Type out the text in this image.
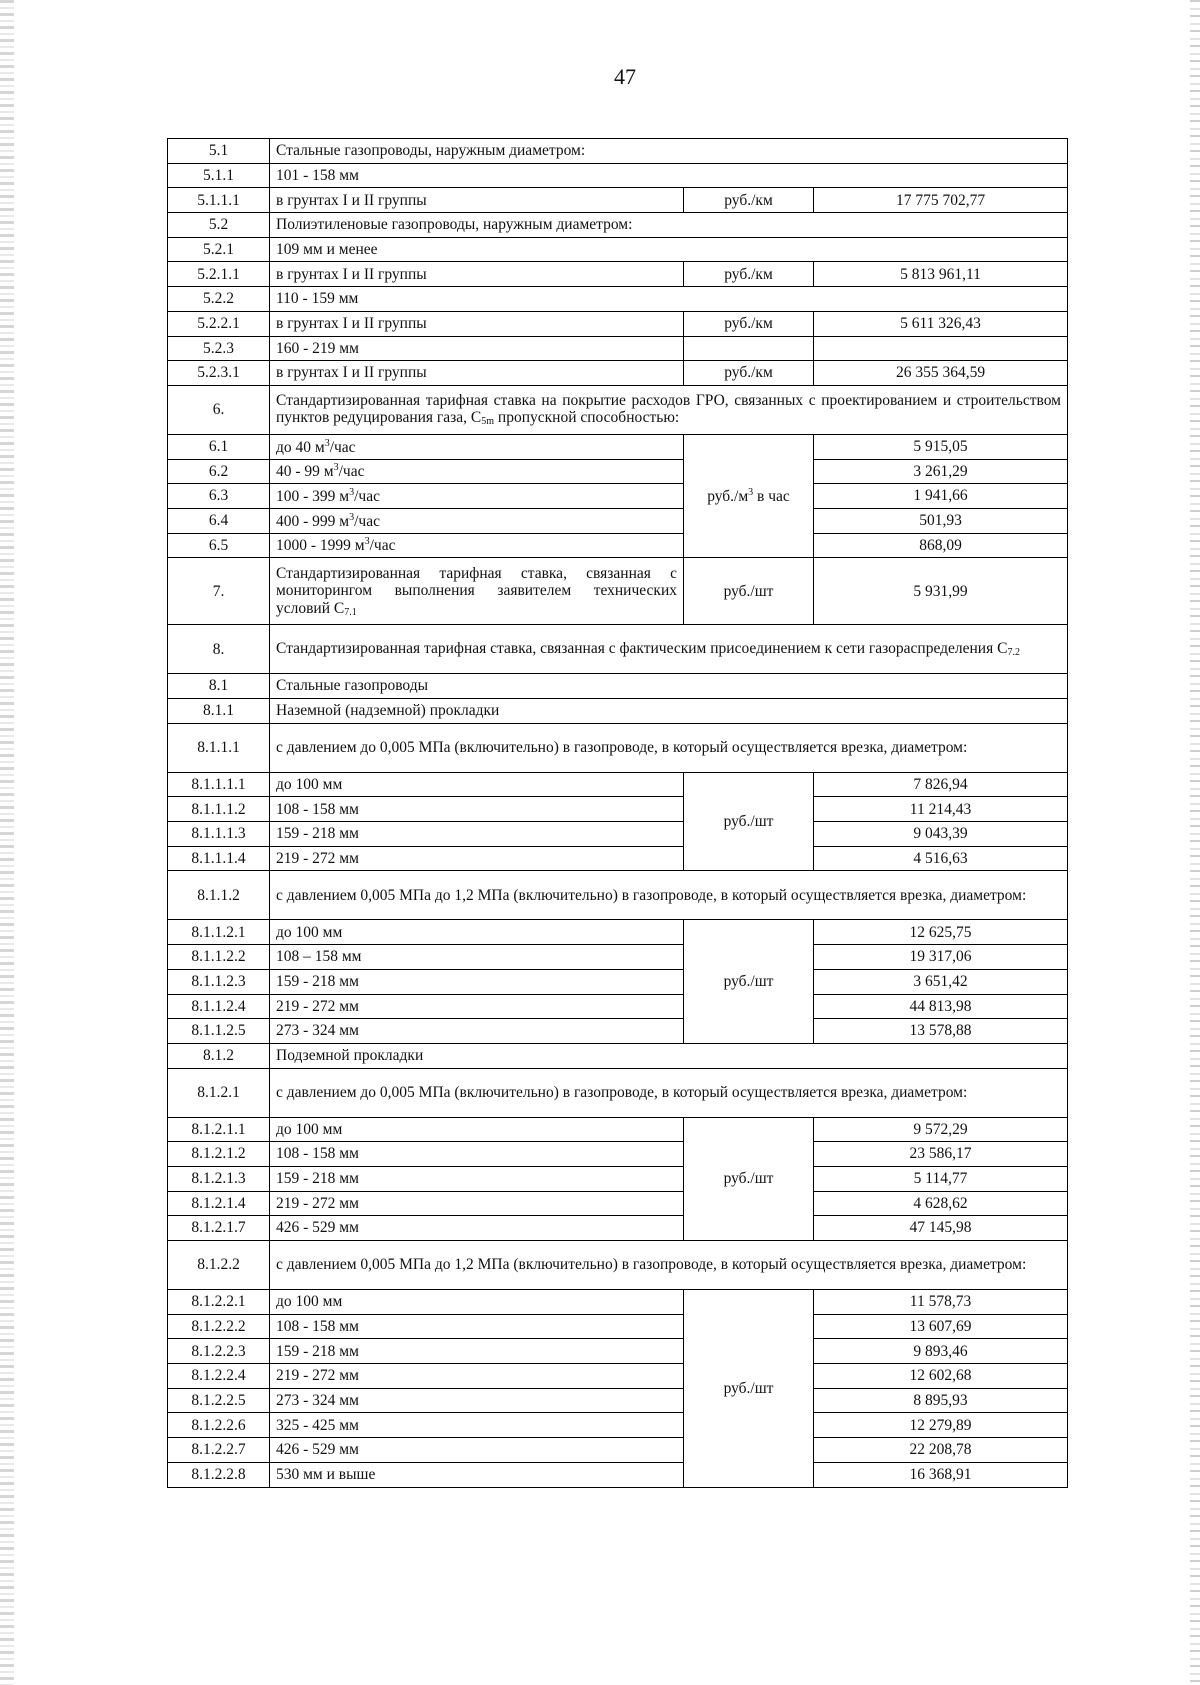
47
5.1	Стальные газопроводы, наружным диаметром:		
5.1.1	101 - 158 мм		
5.1.1.1	в грунтах I и II группы	руб./км	17 775 702,77
5.2	Полиэтиленовые газопроводы, наружным диаметром:		
5.2.1	109 мм и менее		
5.2.1.1	в грунтах I и II группы	руб./км	5 813 961,11
5.2.2	110 - 159 мм		
5.2.2.1	в грунтах I и II группы	руб./км	5 611 326,43
5.2.3	160 - 219 мм		
5.2.3.1	в грунтах I и II группы	руб./км	26 355 364,59
6.	Стандартизированная тарифная ставка на покрытие расходов ГРО, связанных с проектированием и строительством пунктов редуцирования газа, $C_{5m}$ пропускной способностью:		
6.1	до 40 $м^3$/час	$руб./м^3$ в час	5 915,05
6.2	40 - 99 $м^3$/час		3 261,29
6.3	100 - 399 $м^3$/час		1 941,66
6.4	400 - 999 $м^3$/час		501,93
6.5	1000 - 1999 $м^3$/час		868,09
7.	Стандартизированная тарифная ставка, связанная с мониторингом выполнения заявителем технических условий $C_{7.1}$	руб./шт	5 931,99
8.	Стандартизированная тарифная ставка, связанная с фактическим присоединением к сети газораспределения $C_{7.2}$
8.1	Стальные газопроводы		
8.1.1	Наземной (надземной) прокладки		
8.1.1.1	с давлением до 0,005 МПа (включительно) в газопроводе, в который осуществляется врезка, диаметром:		
8.1.1.1.1	до 100 мм	руб./шт	7 826,94
8.1.1.1.2	108 - 158 мм		11 214,43
8.1.1.1.3	159 - 218 мм		9 043,39
8.1.1.1.4	219 - 272 мм		4 516,63
8.1.1.2	с давлением 0,005 МПа до 1,2 МПа (включительно) в газопроводе, в который осуществляется врезка, диаметром:		
8.1.1.2.1	до 100 мм	руб./шт	12 625,75
8.1.1.2.2	108 – 158 мм		19 317,06
8.1.1.2.3	159 - 218 мм		3 651,42
8.1.1.2.4	219 - 272 мм		44 813,98
8.1.1.2.5	273 - 324 мм		13 578,88
8.1.2	Подземной прокладки		
8.1.2.1	с давлением до 0,005 МПа (включительно) в газопроводе, в который осуществляется врезка, диаметром:		
8.1.2.1.1	до 100 мм	руб./шт	9 572,29
8.1.2.1.2	108 - 158 мм		23 586,17
8.1.2.1.3	159 - 218 мм		5 114,77
8.1.2.1.4	219 - 272 мм		4 628,62
8.1.2.1.7	426 - 529 мм		47 145,98
8.1.2.2	с давлением 0,005 МПа до 1,2 МПа (включительно) в газопроводе, в который осуществляется врезка, диаметром:		
8.1.2.2.1	до 100 мм	руб./шт	11 578,73
8.1.2.2.2	108 - 158 мм		13 607,69
8.1.2.2.3	159 - 218 мм		9 893,46
8.1.2.2.4	219 - 272 мм		12 602,68
8.1.2.2.5	273 - 324 мм		8 895,93
8.1.2.2.6	325 - 425 мм		12 279,89
8.1.2.2.7	426 - 529 мм		22 208,78
8.1.2.2.8	530 мм и выше		16 368,91
